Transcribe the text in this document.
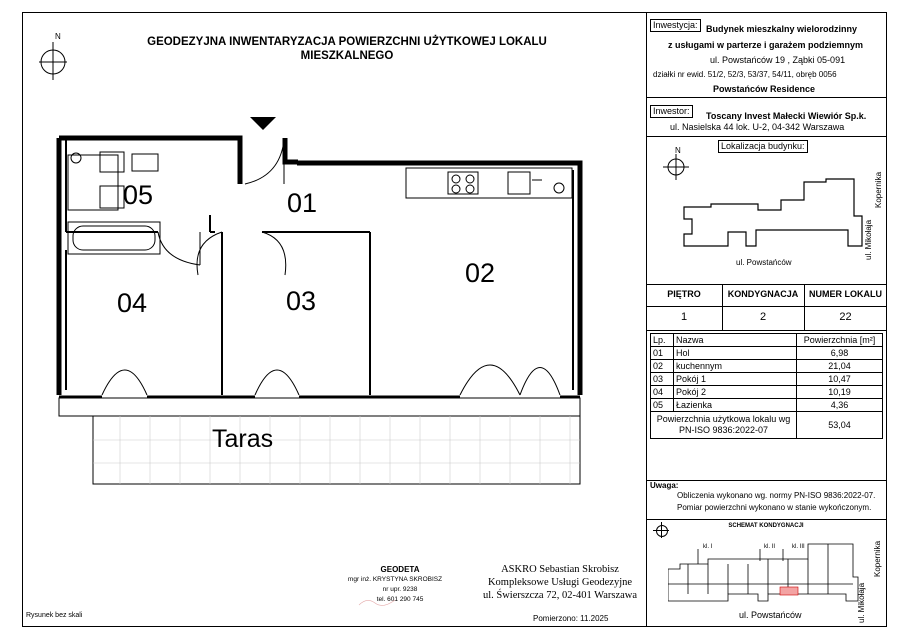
GEODEZYJNA INWENTARYZACJA POWIERZCHNI UŻYTKOWEJ LOKALU MIESZKALNEGO
N
05	01
02
04	03
Taras
Inwestycja: Budynek mieszkalny wielorodzinny
z usługami w parterze i garażem podziemnym
ul. Powstańców 19 , Ząbki 05-091
działki nr ewid. 51/2, 52/3, 53/37, 54/11, obręb 0056
Powstańców Residence
Inwestor: Toscany Invest Małecki Wiewiór Sp.k.
ul. Nasielska 44 lok. U-2, 04-342 Warszawa
Lokalizacja budynku:
N
ul. Powstańców
ul. Mikołaja
Kopernika
PIĘTRO	KONDYGNACJA	NUMER LOKALU
1	2	22
Lp.	Nazwa	Powierzchnia [m²]
01	Hol	6,98
02	kuchennym	21,04
03	Pokój 1	10,47
04	Pokój 2	10,19
05	Łazienka	4,36

Powierzchnia użytkowa lokalu wg
PN-ISO 9836:2022-07		53,04
Uwaga:
Obliczenia wykonano wg. normy PN-ISO 9836:2022-07.
Pomiar powierzchni wykonano w stanie wykończonym.
SCHEMAT KONDYGNACJI
kl. I	kl. II	kl. III
ul. Powstańców	ul. Mikołaja
Kopernika
GEODETA
mgr inż. KRYSTYNA SKROBISZ
nr upr. 9238
tel. 601 290 745
ASKRO Sebastian Skrobisz
Kompleksowe Usługi Geodezyjne
ul. Świerszcza 72, 02-401 Warszawa
Pomierzono: 11.2025
Rysunek bez skali
